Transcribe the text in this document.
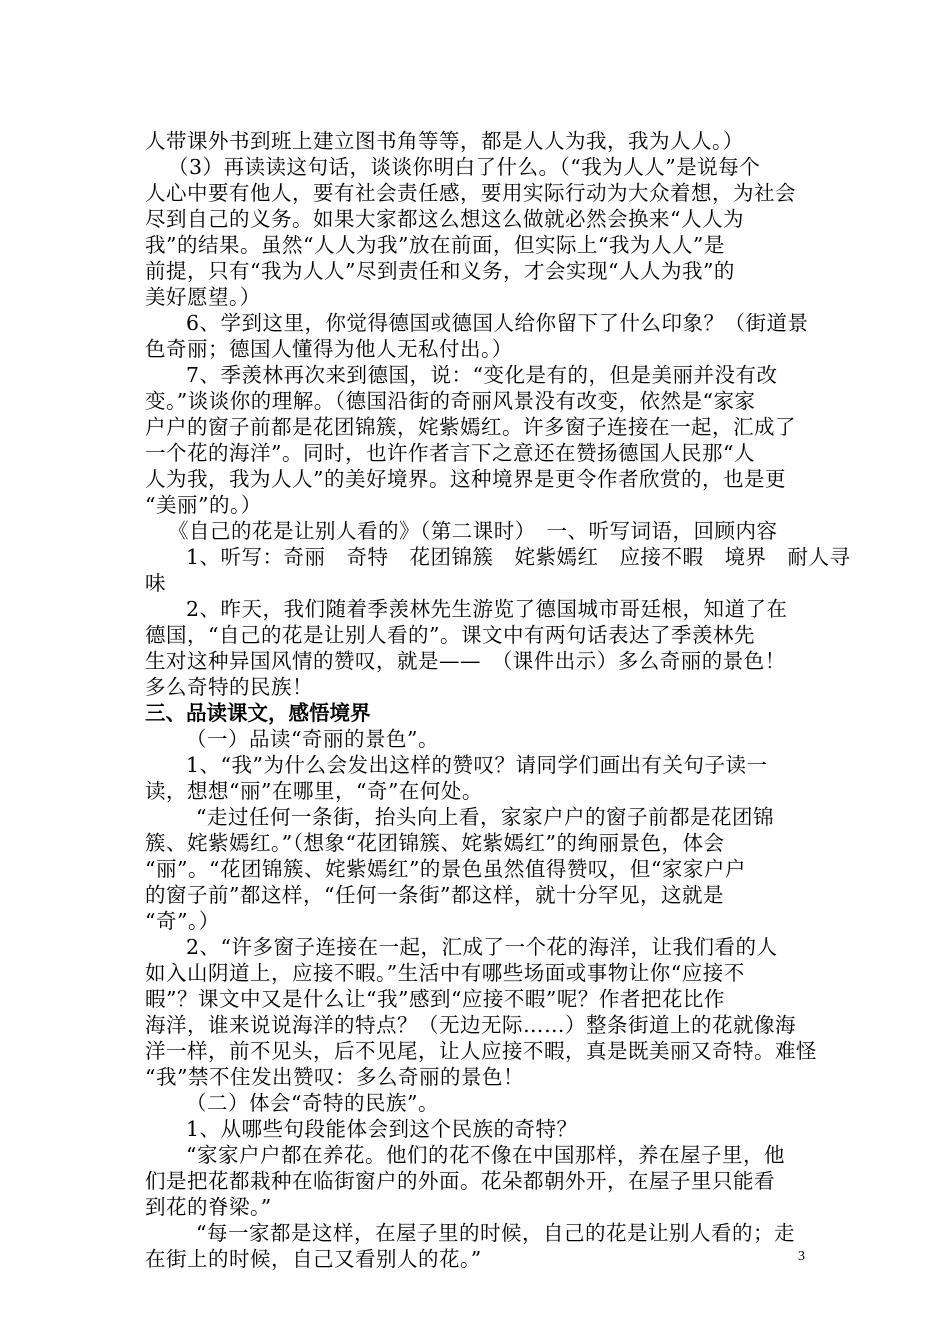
人带课外书到班上建立图书角等等，都是人人为我，我为人人。）
（3）再读读这句话，谈谈你明白了什么。（“我为人人”是说每个
人心中要有他人，要有社会责任感，要用实际行动为大众着想，为社会
尽到自己的义务。如果大家都这么想这么做就必然会换来“人人为
我”的结果。虽然“人人为我”放在前面，但实际上“我为人人”是
前提，只有“我为人人”尽到责任和义务，才会实现“人人为我”的
美好愿望。）
6、学到这里，你觉得德国或德国人给你留下了什么印象？（街道景
色奇丽；德国人懂得为他人无私付出。）
7、季羡林再次来到德国，说：“变化是有的，但是美丽并没有改
变。”谈谈你的理解。（德国沿街的奇丽风景没有改变，依然是“家家
户户的窗子前都是花团锦簇，姹紫嫣红。许多窗子连接在一起，汇成了
一个花的海洋”。同时，也许作者言下之意还在赞扬德国人民那“人
人为我，我为人人”的美好境界。这种境界是更令作者欣赏的，也是更
“美丽”的。）
《自己的花是让别人看的》（第二课时）　一、听写词语，回顾内容
1、听写：奇丽　奇特　花团锦簇　姹紫嫣红　应接不暇　境界　耐人寻
味
2、昨天，我们随着季羡林先生游览了德国城市哥廷根，知道了在
德国，“自己的花是让别人看的”。课文中有两句话表达了季羡林先
生对这种异国风情的赞叹，就是——　（课件出示）多么奇丽的景色！
多么奇特的民族！
三、品读课文，感悟境界
（一）品读“奇丽的景色”。
1、“我”为什么会发出这样的赞叹？请同学们画出有关句子读一
读，想想“丽”在哪里，“奇”在何处。
“走过任何一条街，抬头向上看，家家户户的窗子前都是花团锦
簇、姹紫嫣红。”（想象“花团锦簇、姹紫嫣红”的绚丽景色，体会
“丽”。“花团锦簇、姹紫嫣红”的景色虽然值得赞叹，但“家家户户
的窗子前”都这样，“任何一条街”都这样，就十分罕见，这就是
“奇”。）
2、“许多窗子连接在一起，汇成了一个花的海洋，让我们看的人
如入山阴道上，应接不暇。”生活中有哪些场面或事物让你“应接不
暇”？课文中又是什么让“我”感到“应接不暇”呢？作者把花比作
海洋，谁来说说海洋的特点？（无边无际……）整条街道上的花就像海
洋一样，前不见头，后不见尾，让人应接不暇，真是既美丽又奇特。难怪
“我”禁不住发出赞叹：多么奇丽的景色！
（二）体会“奇特的民族”。
1、从哪些句段能体会到这个民族的奇特？
“家家户户都在养花。他们的花不像在中国那样，养在屋子里，他
们是把花都栽种在临街窗户的外面。花朵都朝外开，在屋子里只能看
到花的脊梁。”
“每一家都是这样，在屋子里的时候，自己的花是让别人看的；走
在街上的时候，自己又看别人的花。”	3
